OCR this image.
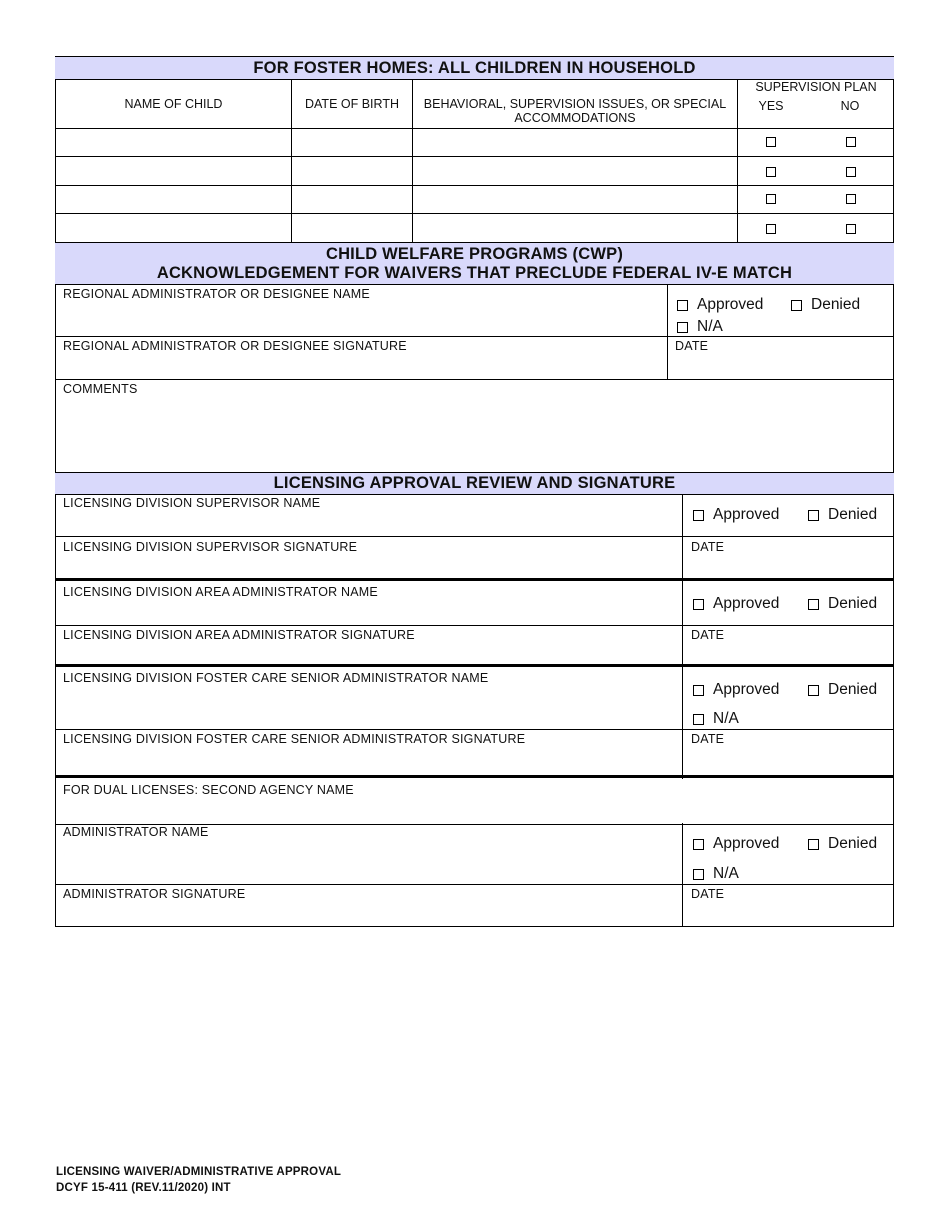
FOR FOSTER HOMES: ALL CHILDREN IN HOUSEHOLD
NAME OF CHILD	DATE OF BIRTH	BEHAVIORAL, SUPERVISION ISSUES, OR SPECIAL ACCOMMODATIONS
SUPERVISION PLAN
YES	NO
CHILD WELFARE PROGRAMS (CWP)
ACKNOWLEDGEMENT FOR WAIVERS THAT PRECLUDE FEDERAL IV-E MATCH
REGIONAL ADMINISTRATOR OR DESIGNEE NAME
Approved	Denied
N/A
REGIONAL ADMINISTRATOR OR DESIGNEE SIGNATURE	DATE
COMMENTS
LICENSING APPROVAL REVIEW AND SIGNATURE
LICENSING DIVISION SUPERVISOR NAME
Approved	Denied
LICENSING DIVISION SUPERVISOR SIGNATURE	DATE
LICENSING DIVISION AREA ADMINISTRATOR NAME
Approved	Denied
LICENSING DIVISION AREA ADMINISTRATOR SIGNATURE	DATE
LICENSING DIVISION FOSTER CARE SENIOR ADMINISTRATOR NAME
Approved	Denied
N/A
LICENSING DIVISION FOSTER CARE SENIOR ADMINISTRATOR SIGNATURE	DATE
FOR DUAL LICENSES: SECOND AGENCY NAME
ADMINISTRATOR NAME
Approved	Denied
N/A
ADMINISTRATOR SIGNATURE	DATE
LICENSING WAIVER/ADMINISTRATIVE APPROVAL
DCYF 15-411 (REV.11/2020) INT
